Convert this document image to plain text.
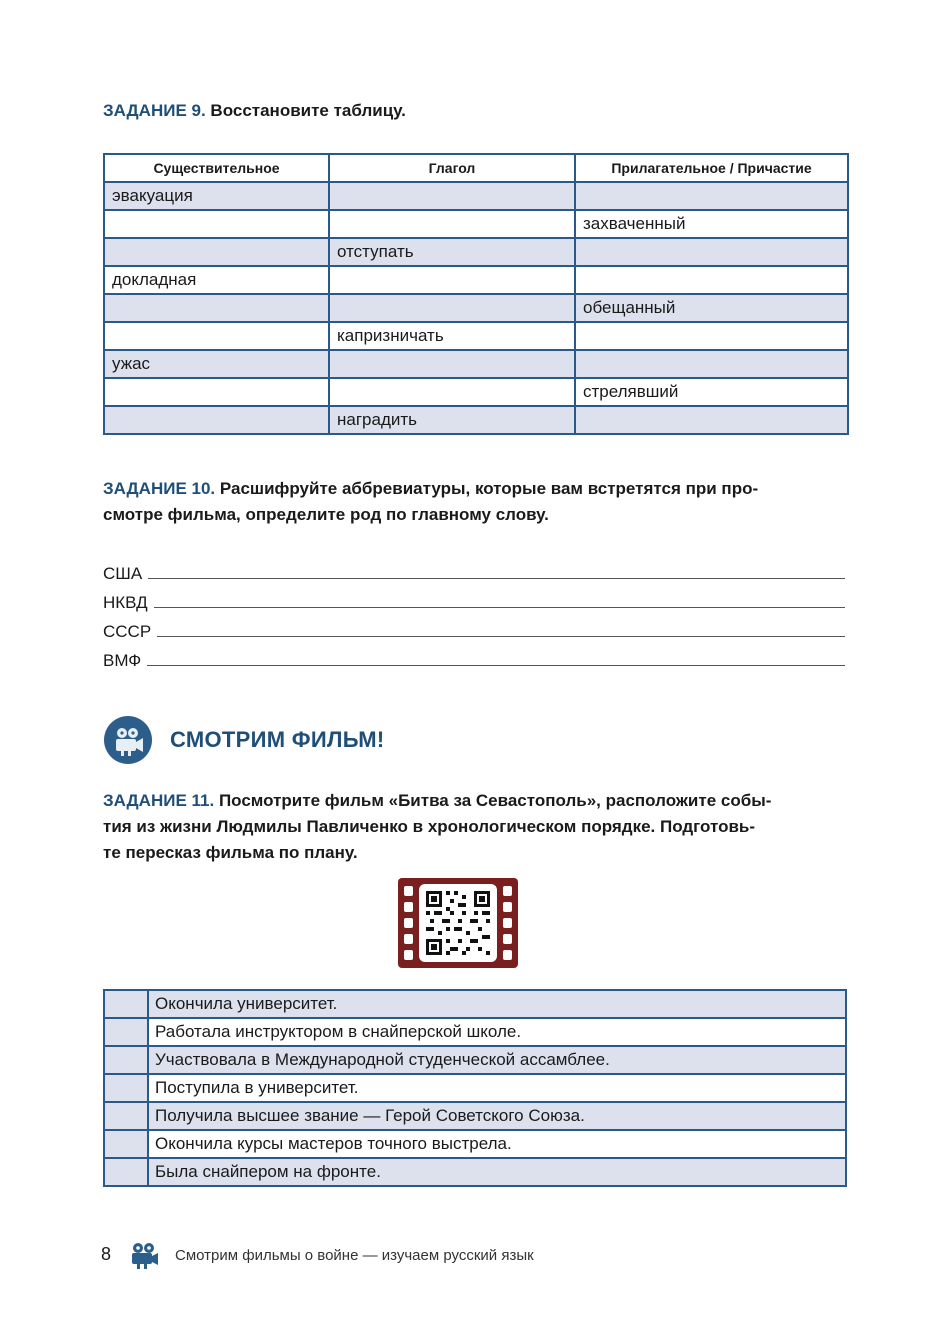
ЗАДАНИЕ 9. Восстановите таблицу.
Существительное	Глагол	Прилагательное / Причастие
эвакуация		
		захваченный
	отступать	
докладная		
		обещанный
	капризничать	
ужас		
		стрелявший
	наградить	
ЗАДАНИЕ 10. Расшифруйте аббревиатуры, которые вам встретятся при про-
смотре фильма, определите род по главному слову.
США
НКВД
СССР
ВМФ
СМОТРИМ ФИЛЬМ!
ЗАДАНИЕ 11. Посмотрите фильм «Битва за Севастополь», расположите собы-
тия из жизни Людмилы Павличенко в хронологическом порядке. Подготовь-
те пересказ фильма по плану.
	Окончила университет.
	Работала инструктором в снайперской школе.
	Участвовала в Международной студенческой ассамблее.
	Поступила в университет.
	Получила высшее звание — Герой Советского Союза.
	Окончила курсы мастеров точного выстрела.
	Была снайпером на фронте.
8	Смотрим фильмы о войне — изучаем русский язык
